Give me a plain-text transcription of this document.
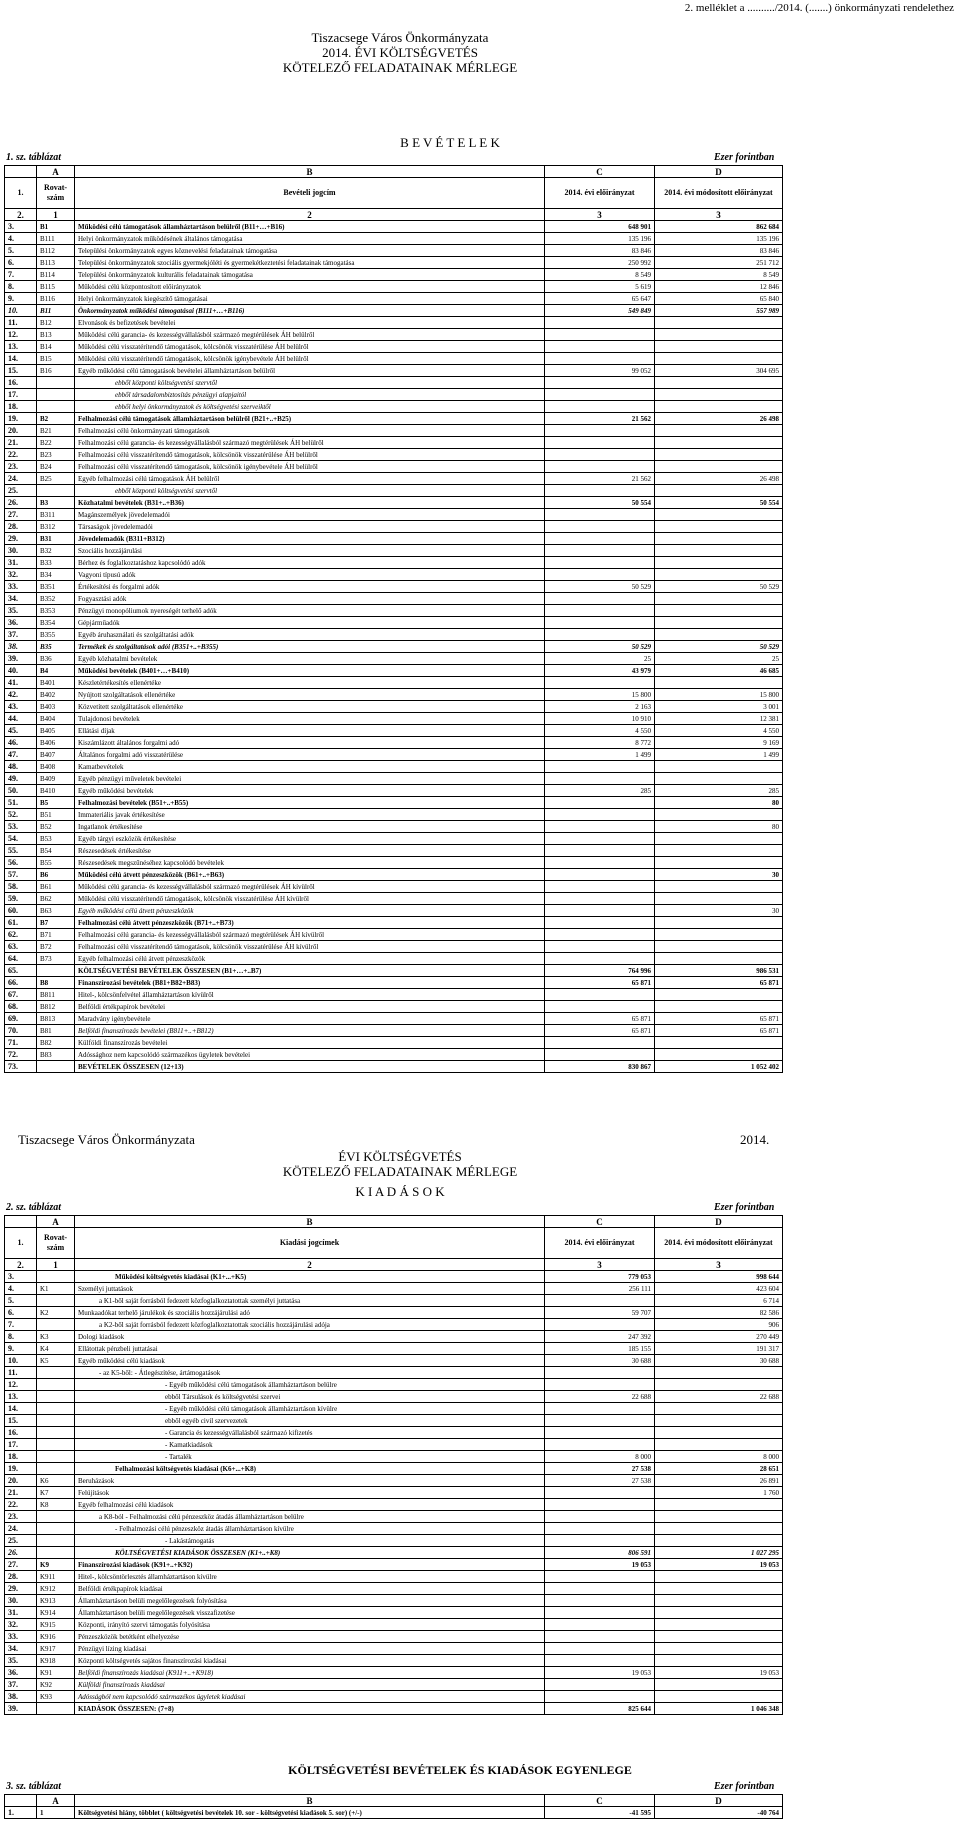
2. melléklet a ........../2014. (.......) önkormányzati rendelethez
Tiszacsege Város Önkormányzata
2014. ÉVI KÖLTSÉGVETÉS
KÖTELEZŐ FELADATAINAK MÉRLEGE
B E V É T E L E K
1. sz. táblázat	Ezer forintban
	A	B	C	D
1.	Rovat-szám	Bevételi jogcím	2014. évi előirányzat	2014. évi módosított előirányzat
2.	1	2	3	3
3.	B1	Működési célú támogatások államháztartáson belülről (B11+…+B16)	648 901	862 684
4.	B111	Helyi önkormányzatok működésének általános támogatása	135 196	135 196
5.	B112	Települési önkormányzatok egyes köznevelési feladatainak támogatása	83 846	83 846
6.	B113	Települési önkormányzatok szociális gyermekjóléti és gyermekétkeztetési feladatainak támogatása	250 992	251 712
7.	B114	Települési önkormányzatok kulturális feladatainak támogatása	8 549	8 549
8.	B115	Működési célú központosított előirányzatok	5 619	12 846
9.	B116	Helyi önkormányzatok kiegészítő támogatásai	65 647	65 840
10.	B11	Önkormányzatok működési támogatásai (B111+…+B116)	549 849	557 989
11.	B12	Elvonások és befizetések bevételei		
12.	B13	Működési célú garancia- és kezességvállalásból származó megtérülések ÁH belülről		
13.	B14	Működési célú visszatérítendő támogatások, kölcsönök visszatérülése ÁH belülről		
14.	B15	Működési célú visszatérítendő támogatások, kölcsönök igénybevétele ÁH belülről		
15.	B16	Egyéb működési célú támogatások bevételei államháztartáson belülről	99 052	304 695
16.		ebből központi költségvetési szervtől		
17.		ebből társadalombiztosítás pénzügyi alapjaitól		
18.		ebből helyi önkormányzatok és költségvetési szerveiktől		
19.	B2	Felhalmozási célú támogatások államháztartáson belülről (B21+..+B25)	21 562	26 498
20.	B21	Felhalmozási célú önkormányzati támogatások		
21.	B22	Felhalmozási célú garancia- és kezességvállalásból származó megtérülések ÁH belülről		
22.	B23	Felhalmozási célú visszatérítendő támogatások, kölcsönök visszatérülése ÁH belülről		
23.	B24	Felhalmozási célú visszatérítendő támogatások, kölcsönök igénybevétele ÁH belülről		
24.	B25	Egyéb felhalmozási célú támogatások ÁH belülről	21 562	26 498
25.		ebből központi költségvetési szervtől		
26.	B3	Közhatalmi bevételek (B31+..+B36)	50 554	50 554
27.	B311	Magánszemélyek jövedelemadói		
28.	B312	Társaságok jövedelemadói		
29.	B31	Jövedelemadók (B311+B312)		
30.	B32	Szociális hozzájárulási		
31.	B33	Bérhez és foglalkoztatáshoz kapcsolódó adók		
32.	B34	Vagyoni típusú adók		
33.	B351	Értékesítési és forgalmi adók	50 529	50 529
34.	B352	Fogyasztási adók		
35.	B353	Pénzügyi monopóliumok nyereségét terhelő adók		
36.	B354	Gépjárműadók		
37.	B355	Egyéb áruhasználati és szolgáltatási adók		
38.	B35	Termékek és szolgáltatások adói (B351+..+B355)	50 529	50 529
39.	B36	Egyéb közhatalmi bevételek	25	25
40.	B4	Működési bevételek (B401+…+B410)	43 979	46 685
41.	B401	Készletértékesítés ellenértéke		
42.	B402	Nyújtott szolgáltatások ellenértéke	15 800	15 800
43.	B403	Közvetített szolgáltatások ellenértéke	2 163	3 001
44.	B404	Tulajdonosi bevételek	10 910	12 381
45.	B405	Ellátási díjak	4 550	4 550
46.	B406	Kiszámlázott általános forgalmi adó	8 772	9 169
47.	B407	Általános forgalmi adó visszatérülése	1 499	1 499
48.	B408	Kamatbevételek		
49.	B409	Egyéb pénzügyi műveletek bevételei		
50.	B410	Egyéb működési bevételek	285	285
51.	B5	Felhalmozási bevételek (B51+..+B55)		80
52.	B51	Immateriális javak értékesítése		
53.	B52	Ingatlanok értékesítése		80
54.	B53	Egyéb tárgyi eszközök értékesítése		
55.	B54	Részesedések értékesítése		
56.	B55	Részesedések megszűnéséhez kapcsolódó bevételek		
57.	B6	Működési célú átvett pénzeszközök (B61+..+B63)		30
58.	B61	Működési célú garancia- és kezességvállalásból származó megtérülések ÁH kívülről		
59.	B62	Működési célú visszatérítendő támogatások, kölcsönök visszatérülése ÁH kívülről		
60.	B63	Egyéb működési célú átvett pénzeszközök		30
61.	B7	Felhalmozási célú átvett pénzeszközök (B71+..+B73)		
62.	B71	Felhalmozási célú garancia- és kezességvállalásból származó megtérülések ÁH kívülről		
63.	B72	Felhalmozási célú visszatérítendő támogatások, kölcsönök visszatérülése ÁH kívülről		
64.	B73	Egyéb felhalmozási célú átvett pénzeszközök		
65.		KÖLTSÉGVETÉSI BEVÉTELEK ÖSSZESEN (B1+…+..B7)	764 996	986 531
66.	B8	Finanszírozási bevételek (B81+B82+B83)	65 871	65 871
67.	B811	Hitel-, kölcsönfelvétel államháztartáson kívülről		
68.	B812	Belföldi értékpapírok bevételei		
69.	B813	Maradvány igénybevétele	65 871	65 871
70.	B81	Belföldi finanszírozás bevételei (B811+..+B812)	65 871	65 871
71.	B82	Külföldi finanszírozás bevételei		
72.	B83	Adóssághoz nem kapcsolódó származékos ügyletek bevételei		
73.		BEVÉTELEK ÖSSZESEN (12+13)	830 867	1 052 402
Tiszacsege Város Önkormányzata	2014.
ÉVI KÖLTSÉGVETÉS
KÖTELEZŐ FELADATAINAK MÉRLEGE
K I A D Á S O K
2. sz. táblázat	Ezer forintban
	A	B	C	D
1.	Rovat-szám	Kiadási jogcímek	2014. évi előirányzat	2014. évi módosított előirányzat
2.	1	2	3	3
3.		Működési költségvetés kiadásai (K1+...+K5)	779 053	998 644
4.	K1	Személyi juttatások	256 111	423 604
5.		a K1-ből saját forrásból fedezett közfoglalkoztatottak személyi juttatása		6 714
6.	K2	Munkaadókat terhelő járulékok és szociális hozzájárulási adó	59 707	82 586
7.		a K2-ből saját forrásból fedezett közfoglalkoztatottak szociális hozzájárulási adója		906
8.	K3	Dologi kiadások	247 392	270 449
9.	K4	Ellátottak pénzbeli juttatásai	185 155	191 317
10.	K5	Egyéb működési célú kiadások	30 688	30 688
11.		- az K5-ből: - Átlegészítése, ártámogatások		
12.		- Egyéb működési célú támogatások államháztartáson belülre		
13.		ebből Társulások és költségvetési szervei	22 688	22 688
14.		- Egyéb működési célú támogatások államháztartáson kívülre		
15.		ebből egyéb civil szervezetek		
16.		- Garancia és kezességvállalásból származó kifizetés		
17.		- Kamatkiadások		
18.		- Tartalék	8 000	8 000
19.		Felhalmozási költségvetés kiadásai (K6+...+K8)	27 538	28 651
20.	K6	Beruházások	27 538	26 891
21.	K7	Felújítások		1 760
22.	K8	Egyéb felhalmozási célú kiadások		
23.		a K8-ból - Felhalmozási célú pénzeszköz átadás államháztartáson belülre		
24.		- Felhalmozási célú pénzeszköz átadás államháztartáson kívülre		
25.		- Lakástámogatás		
26.		KÖLTSÉGVETÉSI KIADÁSOK ÖSSZESEN (K1+..+K8)	806 591	1 027 295
27.	K9	Finanszírozási kiadások (K91+..+K92)	19 053	19 053
28.	K911	Hitel-, kölcsöntörlesztés államháztartáson kívülre		
29.	K912	Belföldi értékpapírok kiadásai		
30.	K913	Államháztartáson belüli megelőlegezések folyósítása		
31.	K914	Államháztartáson belüli megelőlegezések visszafizetése		
32.	K915	Központi, irányító szervi támogatás folyósítása		
33.	K916	Pénzeszközök betétként elhelyezése		
34.	K917	Pénzügyi lízing kiadásai		
35.	K918	Központi költségvetés sajátos finanszírozási kiadásai		
36.	K91	Belföldi finanszírozás kiadásai (K911+..+K918)	19 053	19 053
37.	K92	Külföldi finanszírozás kiadásai		
38.	K93	Adósságból nem kapcsolódó származékos ügyletek kiadásai		
39.		KIADÁSOK ÖSSZESEN: (7+8)	825 644	1 046 348
KÖLTSÉGVETÉSI BEVÉTELEK ÉS KIADÁSOK EGYENLEGE
3. sz. táblázat	Ezer forintban
	A	B	C	D
1.	1	Költségvetési hiány, többlet ( költségvetési bevételek 10. sor - költségvetési kiadások 5. sor) (+/-)	-41 595	-40 764
